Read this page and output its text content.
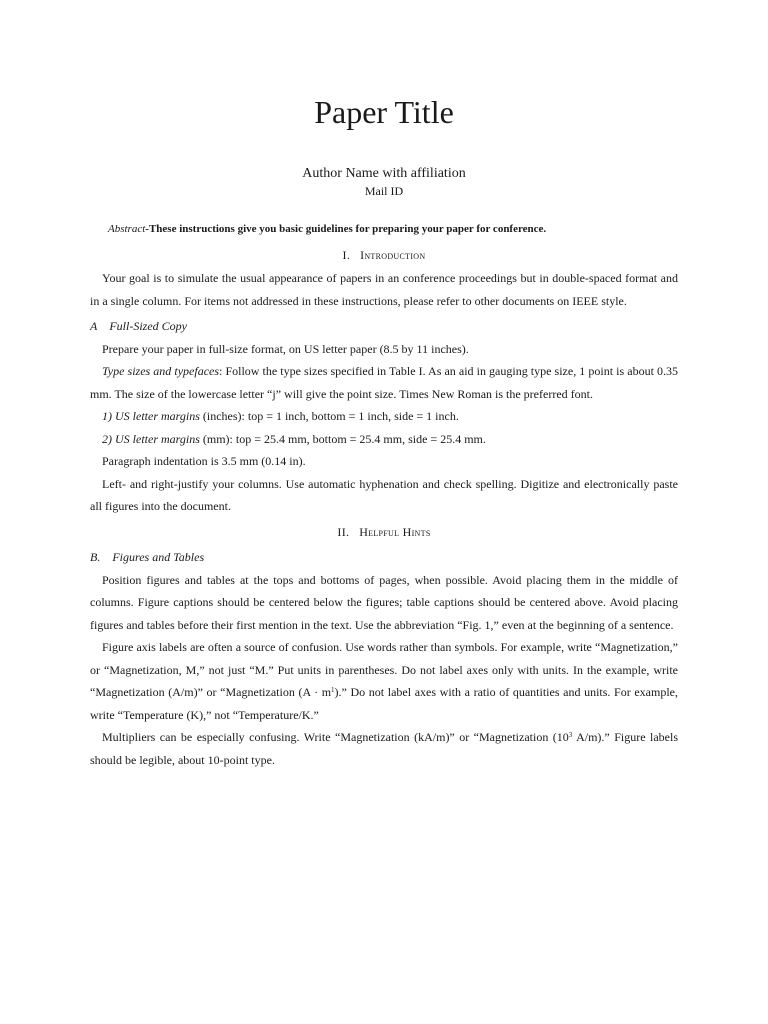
Paper Title
Author Name with affiliation
Mail ID

Abstract-These instructions give you basic guidelines for preparing your paper for conference.

I. Introduction

Your goal is to simulate the usual appearance of papers in an conference proceedings but in double-spaced format and in a single column. For items not addressed in these instructions, please refer to other documents on IEEE style.

A Full-Sized Copy

Prepare your paper in full-size format, on US letter paper (8.5 by 11 inches).

Type sizes and typefaces: Follow the type sizes specified in Table I. As an aid in gauging type size, 1 point is about 0.35 mm. The size of the lowercase letter “j” will give the point size. Times New Roman is the preferred font.

1) US letter margins (inches): top = 1 inch, bottom = 1 inch, side = 1 inch.

2) US letter margins (mm): top = 25.4 mm, bottom = 25.4 mm, side = 25.4 mm.

Paragraph indentation is 3.5 mm (0.14 in).

Left- and right-justify your columns. Use automatic hyphenation and check spelling. Digitize and electronically paste all figures into the document.

II. Helpful Hints
B. Figures and Tables

Position figures and tables at the tops and bottoms of pages, when possible. Avoid placing them in the middle of columns. Figure captions should be centered below the figures; table captions should be centered above. Avoid placing figures and tables before their first mention in the text. Use the abbreviation “Fig. 1,” even at the beginning of a sentence.

Figure axis labels are often a source of confusion. Use words rather than symbols. For example, write “Magnetization,” or “Magnetization, M,” not just “M.” Put units in parentheses. Do not label axes only with units. In the example, write “Magnetization (A/m)” or “Magnetization $(A \cdot m^1)$.” Do not label axes with a ratio of quantities and units. For example, write “Temperature (K),” not “Temperature/K.”

Multipliers can be especially confusing. Write “Magnetization (kA/m)” or “Magnetization ($10^3$ A/m).” Figure labels should be legible, about 10-point type.
